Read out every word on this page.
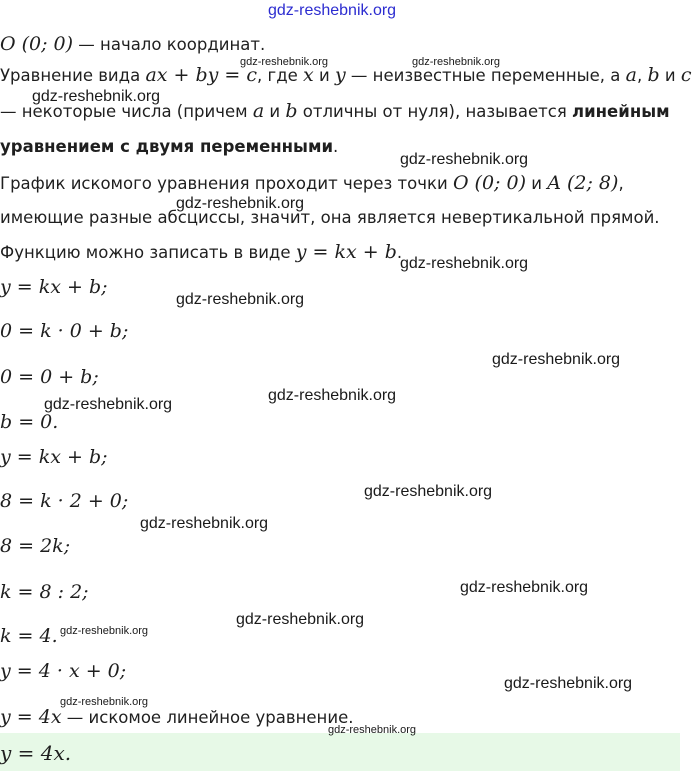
O (0; 0) — начало координат.
Уравнение вида ax + by = c, где x и y — неизвестные переменные, а a, b и c
— некоторые числа (причем a и b отличны от нуля), называется линейным
уравнением с двумя переменными.
График искомого уравнения проходит через точки O (0; 0) и A (2; 8),
имеющие разные абсциссы, значит, она является невертикальной прямой.
Функцию можно записать в виде y = kx + b.
y = kx + b;
0 = k · 0 + b;
0 = 0 + b;
b = 0.
y = kx + b;
8 = k · 2 + 0;
8 = 2k;
k = 8 : 2;
k = 4.
y = 4 · x + 0;
y = 4x — искомое линейное уравнение.
y = 4x.
gdz-reshebnik.org
gdz-reshebnik.org	gdz-reshebnik.org
gdz-reshebnik.org
gdz-reshebnik.org
gdz-reshebnik.org
gdz-reshebnik.org
gdz-reshebnik.org
gdz-reshebnik.org
gdz-reshebnik.org
gdz-reshebnik.org
gdz-reshebnik.org
gdz-reshebnik.org
gdz-reshebnik.org
gdz-reshebnik.org
gdz-reshebnik.org
gdz-reshebnik.org
gdz-reshebnik.org
gdz-reshebnik.org
